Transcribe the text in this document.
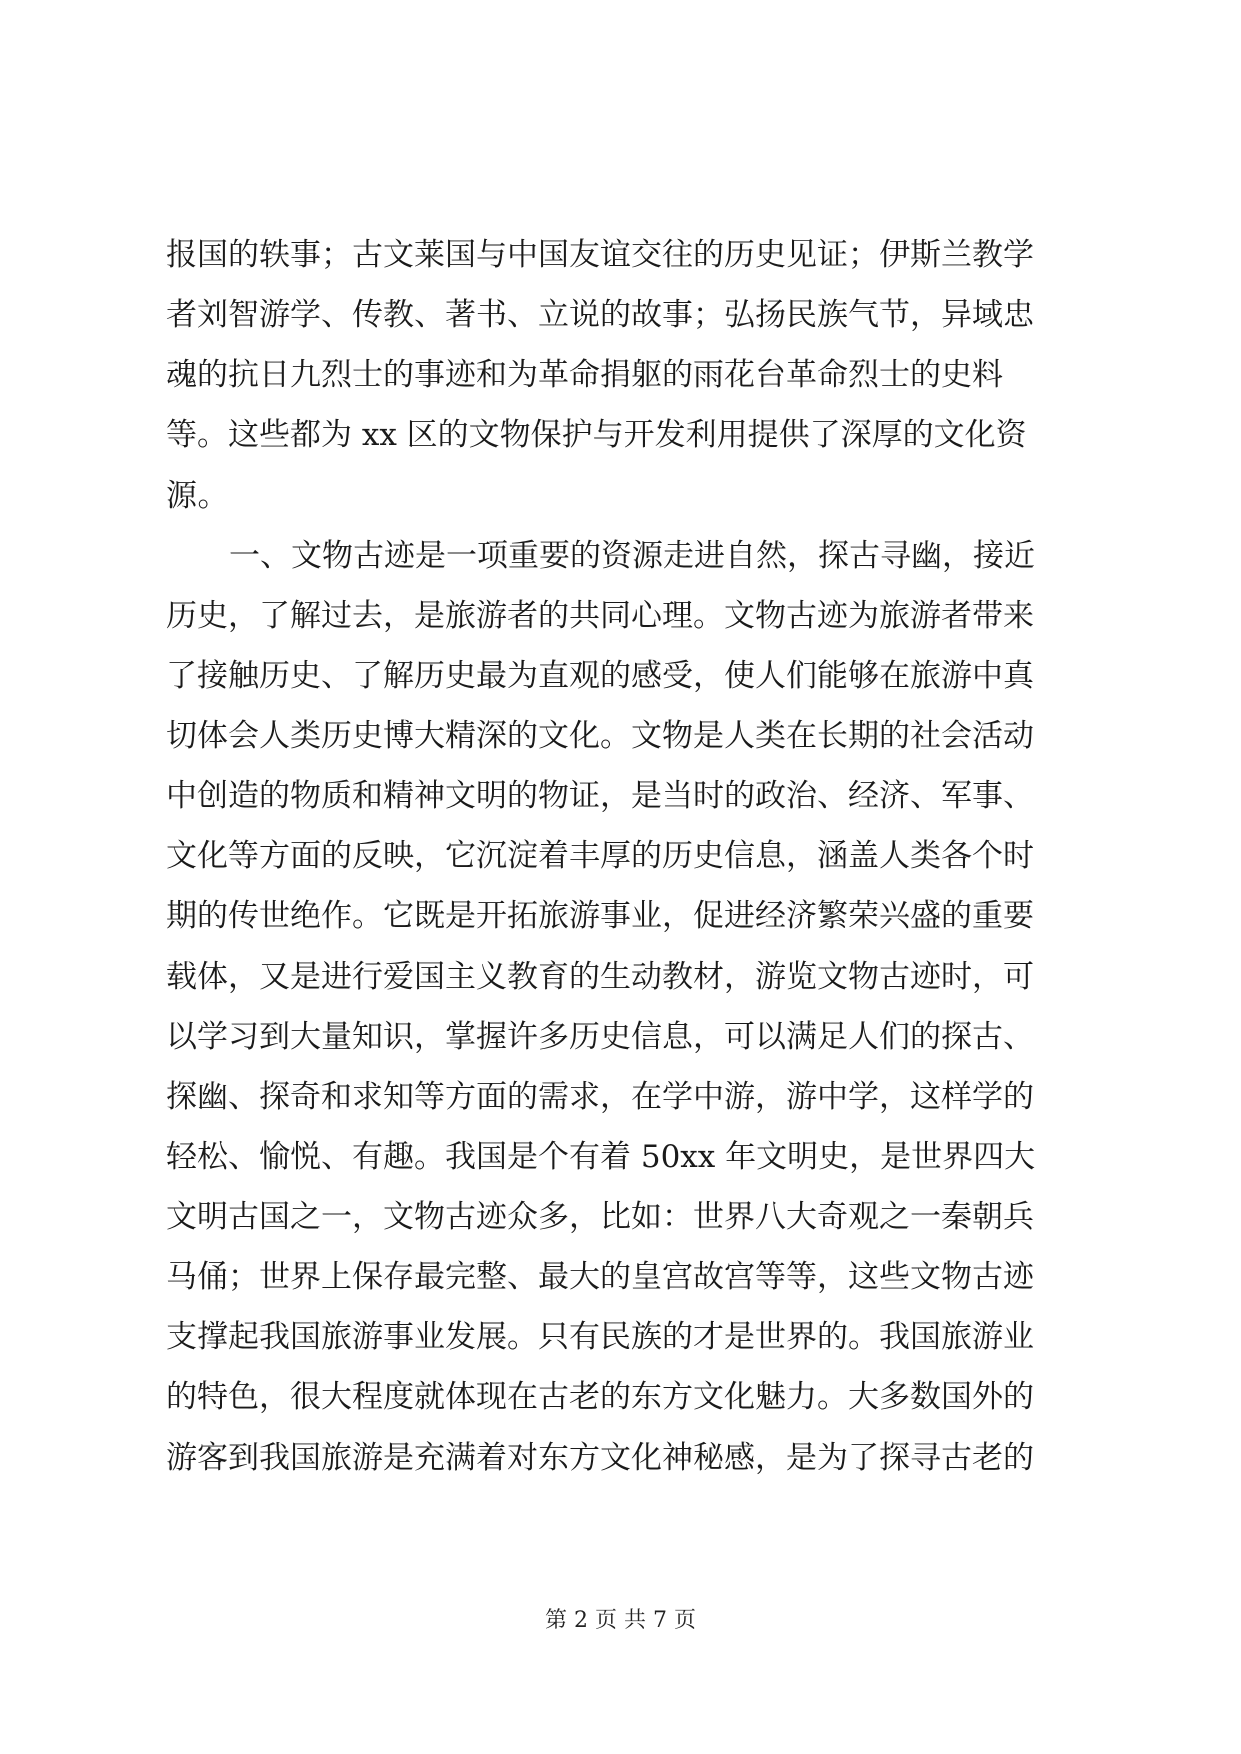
报国的轶事；古文莱国与中国友谊交往的历史见证；伊斯兰教学
者刘智游学、传教、著书、立说的故事；弘扬民族气节，异域忠
魂的抗日九烈士的事迹和为革命捐躯的雨花台革命烈士的史料
等。这些都为 xx 区的文物保护与开发利用提供了深厚的文化资
源。
一、文物古迹是一项重要的资源走进自然，探古寻幽，接近
历史，了解过去，是旅游者的共同心理。文物古迹为旅游者带来
了接触历史、了解历史最为直观的感受，使人们能够在旅游中真
切体会人类历史博大精深的文化。文物是人类在长期的社会活动
中创造的物质和精神文明的物证，是当时的政治、经济、军事、
文化等方面的反映，它沉淀着丰厚的历史信息，涵盖人类各个时
期的传世绝作。它既是开拓旅游事业，促进经济繁荣兴盛的重要
载体，又是进行爱国主义教育的生动教材，游览文物古迹时，可
以学习到大量知识，掌握许多历史信息，可以满足人们的探古、
探幽、探奇和求知等方面的需求，在学中游，游中学，这样学的
轻松、愉悦、有趣。我国是个有着 50xx 年文明史，是世界四大
文明古国之一，文物古迹众多，比如：世界八大奇观之一秦朝兵
马俑；世界上保存最完整、最大的皇宫故宫等等，这些文物古迹
支撑起我国旅游事业发展。只有民族的才是世界的。我国旅游业
的特色，很大程度就体现在古老的东方文化魅力。大多数国外的
游客到我国旅游是充满着对东方文化神秘感，是为了探寻古老的
第 2 页 共 7 页
